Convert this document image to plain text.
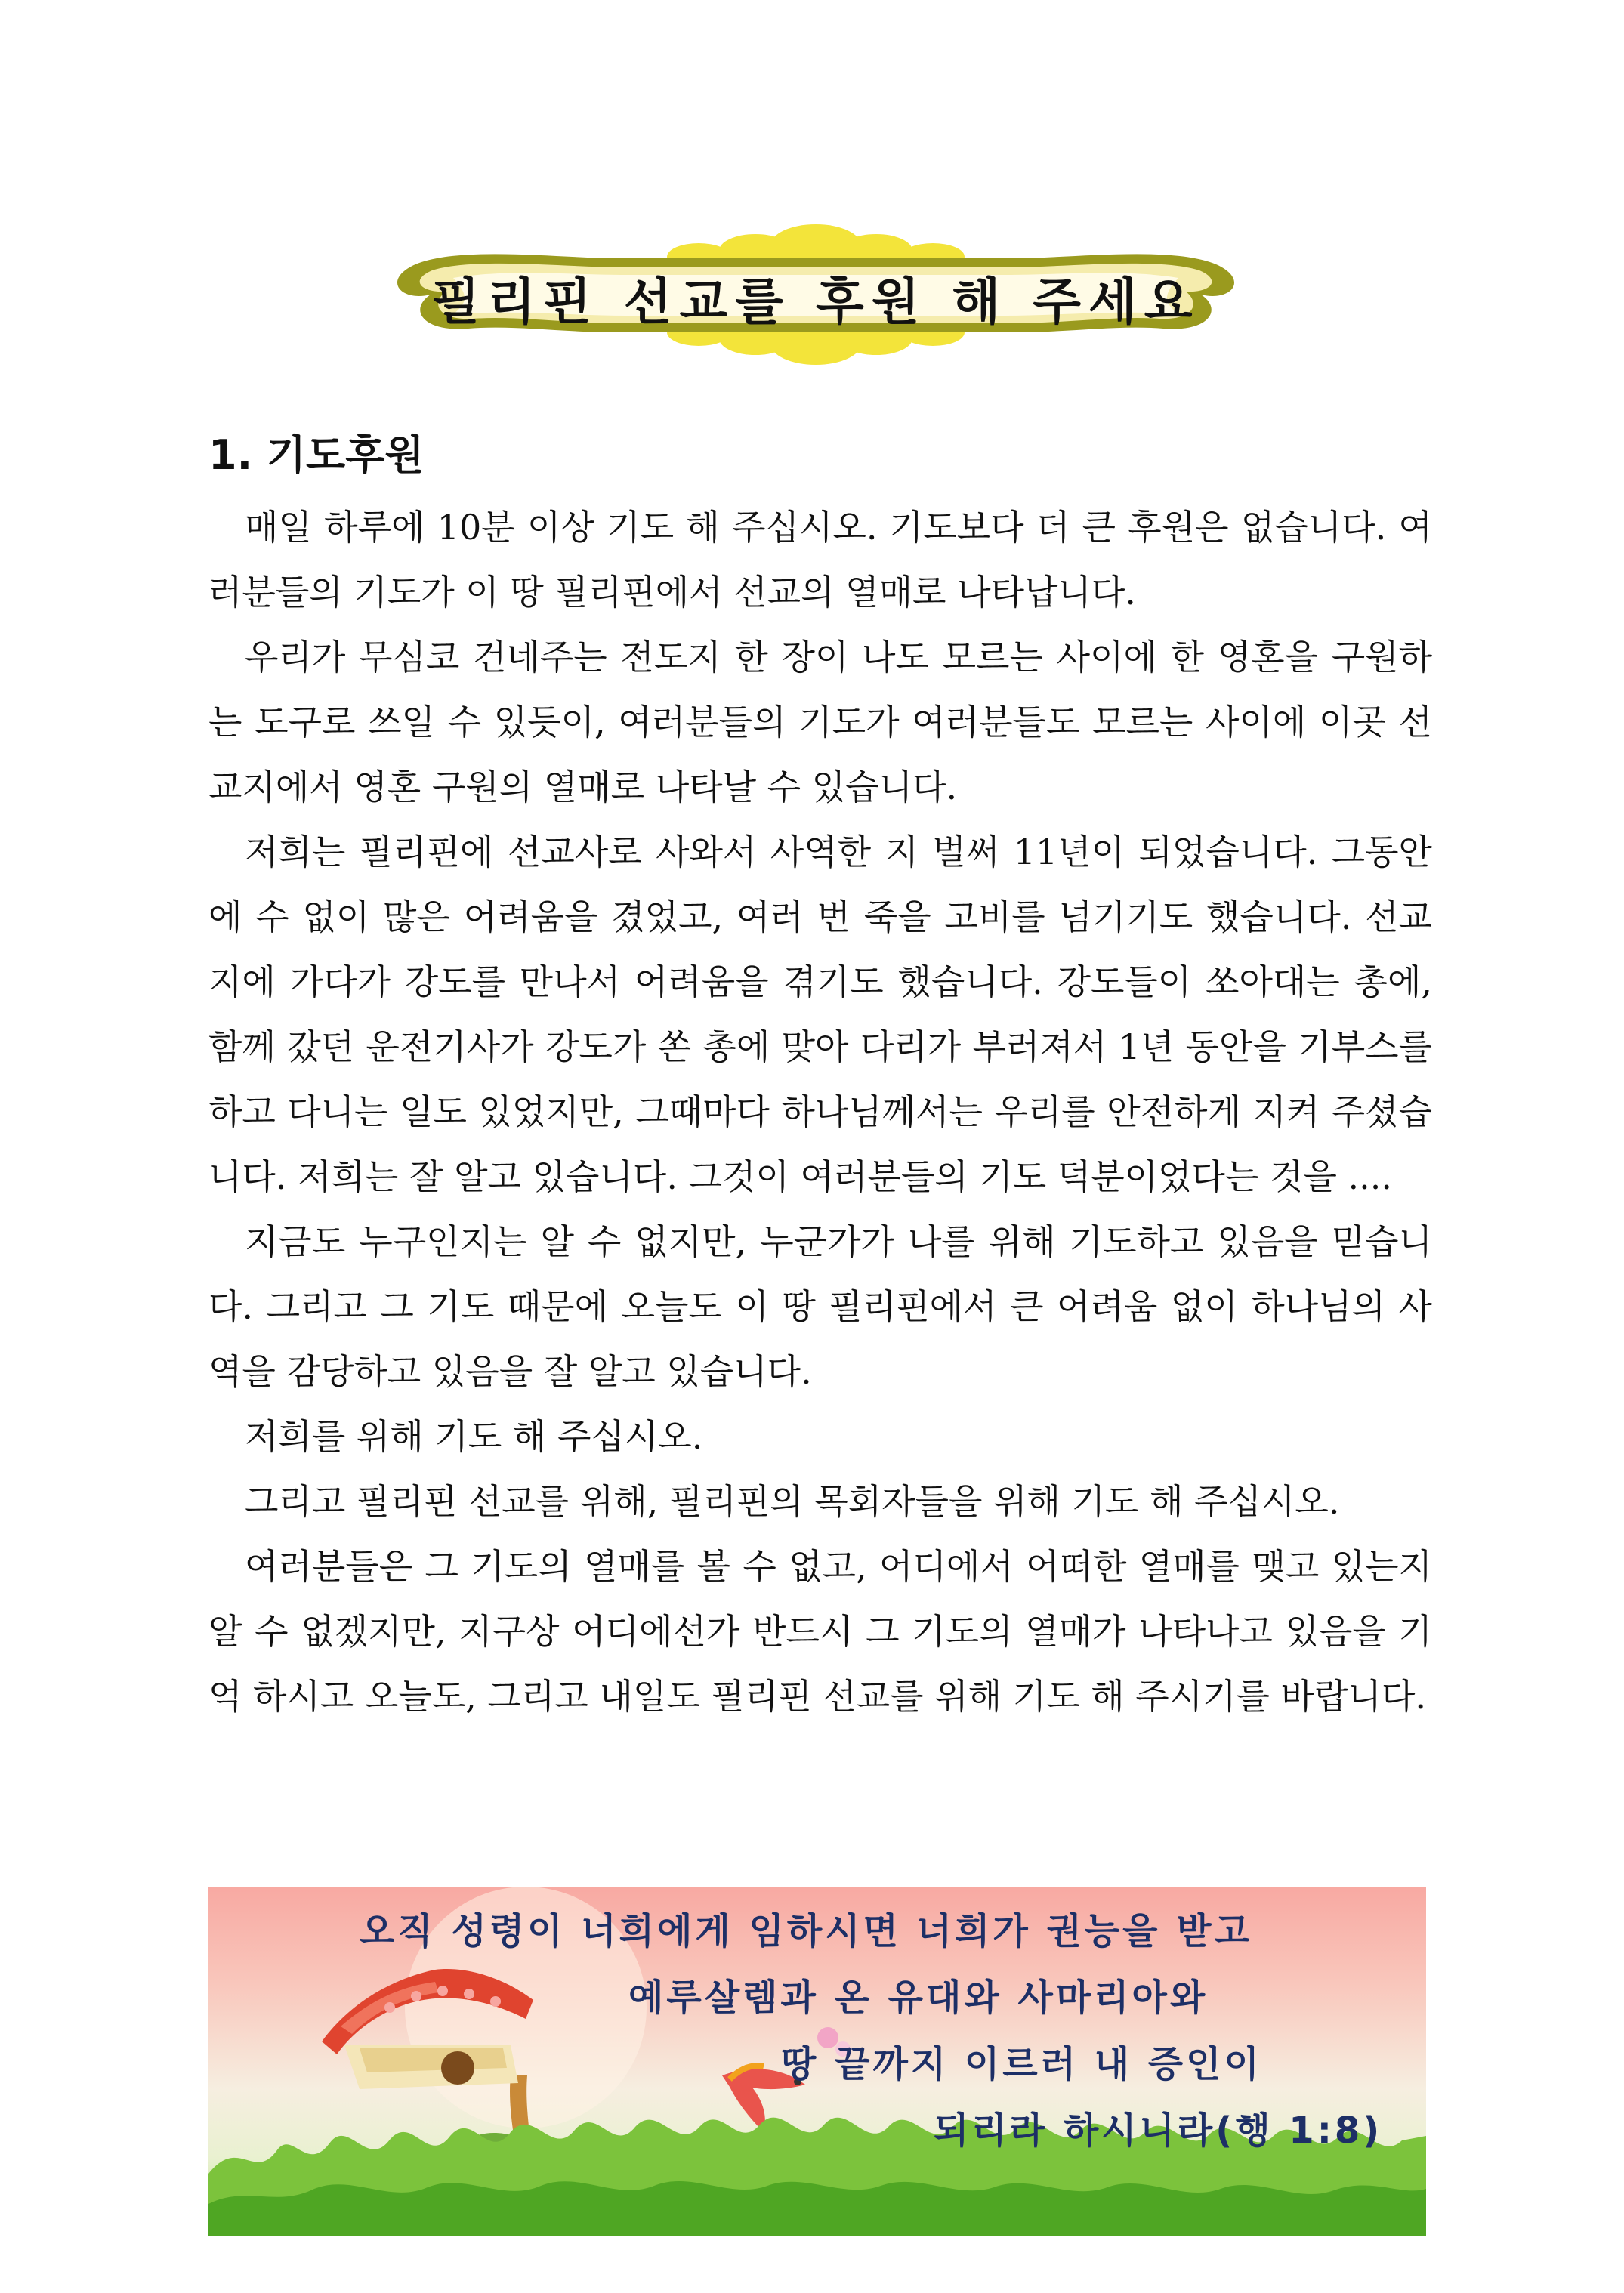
필리핀 선교를 후원 해 주세요
1. 기도후원

매일 하루에 10분 이상 기도 해 주십시오. 기도보다 더 큰 후원은 없습니다. 여러분들의 기도가 이 땅 필리핀에서 선교의 열매로 나타납니다.

우리가 무심코 건네주는 전도지 한 장이 나도 모르는 사이에 한 영혼을 구원하는 도구로 쓰일 수 있듯이, 여러분들의 기도가 여러분들도 모르는 사이에 이곳 선교지에서 영혼 구원의 열매로 나타날 수 있습니다.

저희는 필리핀에 선교사로 사와서 사역한 지 벌써 11년이 되었습니다. 그동안에 수 없이 많은 어려움을 겼었고, 여러 번 죽을 고비를 넘기기도 했습니다. 선교지에 가다가 강도를 만나서 어려움을 겪기도 했습니다. 강도들이 쏘아대는 총에, 함께 갔던 운전기사가 강도가 쏜 총에 맞아 다리가 부러져서 1년 동안을 기부스를 하고 다니는 일도 있었지만, 그때마다 하나님께서는 우리를 안전하게 지켜 주셨습니다. 저희는 잘 알고 있습니다. 그것이 여러분들의 기도 덕분이었다는 것을 ....

지금도 누구인지는 알 수 없지만, 누군가가 나를 위해 기도하고 있음을 믿습니다. 그리고 그 기도 때문에 오늘도 이 땅 필리핀에서 큰 어려움 없이 하나님의 사역을 감당하고 있음을 잘 알고 있습니다.

저희를 위해 기도 해 주십시오.

그리고 필리핀 선교를 위해, 필리핀의 목회자들을 위해 기도 해 주십시오.

여러분들은 그 기도의 열매를 볼 수 없고, 어디에서 어떠한 열매를 맺고 있는지 알 수 없겠지만, 지구상 어디에선가 반드시 그 기도의 열매가 나타나고 있음을 기억 하시고 오늘도, 그리고 내일도 필리핀 선교를 위해 기도 해 주시기를 바랍니다.

오직 성령이 너희에게 임하시면 너희가 권능을 받고
예루살렘과 온 유대와 사마리아와
땅 끝까지 이르러 내 증인이
되리라 하시니라(행 1:8)
